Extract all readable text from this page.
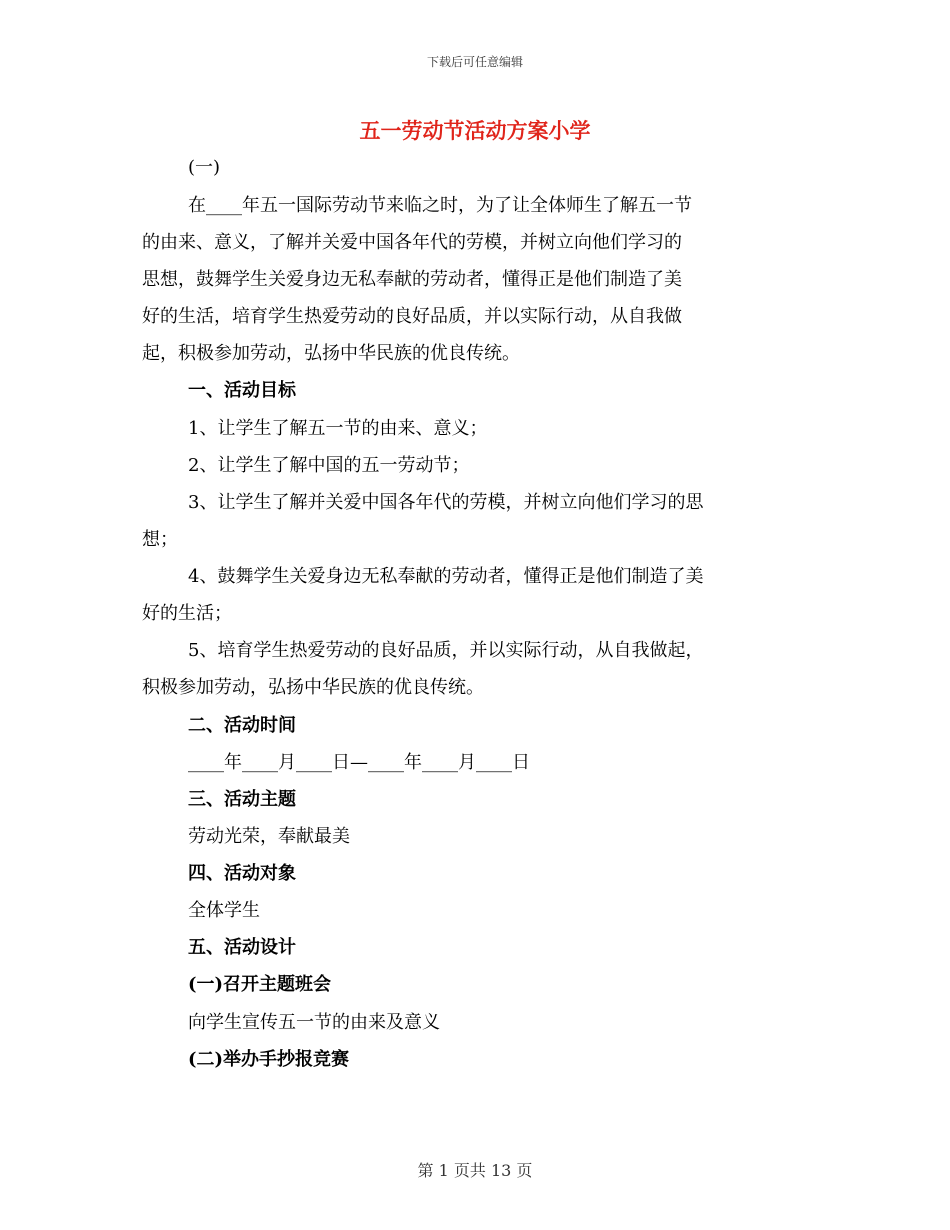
下载后可任意编辑
五一劳动节活动方案小学
(一)
在____年五一国际劳动节来临之时，为了让全体师生了解五一节
的由来、意义，了解并关爱中国各年代的劳模，并树立向他们学习的
思想，鼓舞学生关爱身边无私奉献的劳动者，懂得正是他们制造了美
好的生活，培育学生热爱劳动的良好品质，并以实际行动，从自我做
起，积极参加劳动，弘扬中华民族的优良传统。
一、活动目标
1、让学生了解五一节的由来、意义；
2、让学生了解中国的五一劳动节；
3、让学生了解并关爱中国各年代的劳模，并树立向他们学习的思
想；
4、鼓舞学生关爱身边无私奉献的劳动者，懂得正是他们制造了美
好的生活；
5、培育学生热爱劳动的良好品质，并以实际行动，从自我做起，
积极参加劳动，弘扬中华民族的优良传统。
二、活动时间
____年____月____日—____年____月____日
三、活动主题
劳动光荣，奉献最美
四、活动对象
全体学生
五、活动设计
(一)召开主题班会
向学生宣传五一节的由来及意义
(二)举办手抄报竞赛
第 1 页共 13 页
